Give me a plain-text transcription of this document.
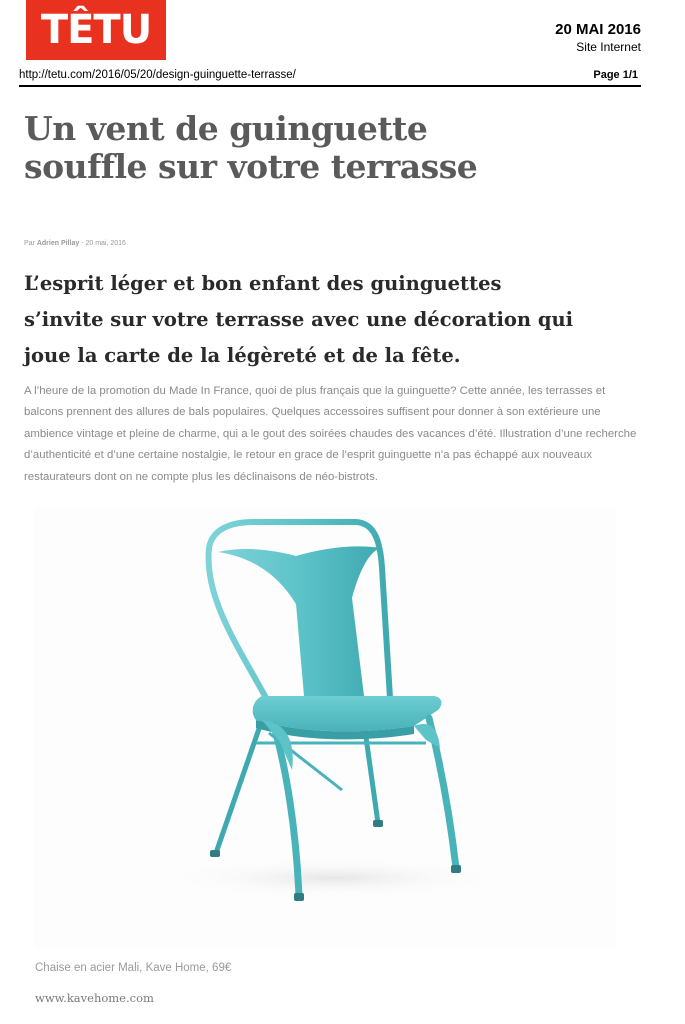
TÊTU	20 MAI 2016
Site Internet
http://tetu.com/2016/05/20/design-guinguette-terrasse/	Page 1/1
Un vent de guinguette souffle sur votre terrasse
Par Adrien Pillay - 20 mai, 2016

L’esprit léger et bon enfant des guinguettes s’invite sur votre terrasse avec une décoration qui joue la carte de la légèreté et de la fête.

A l’heure de la promotion du Made In France, quoi de plus français que la guinguette? Cette année, les terrasses et balcons prennent des allures de bals populaires. Quelques accessoires suffisent pour donner à son extérieure une ambience vintage et pleine de charme, qui a le gout des soirées chaudes des vacances d’été. Illustration d’une recherche d’authenticité et d’une certaine nostalgie, le retour en grace de l’esprit guinguette n’a pas échappé aux nouveaux restaurateurs dont on ne compte plus les déclinaisons de néo-bistrots.

Chaise en acier Mali, Kave Home, 69€
www.kavehome.com
